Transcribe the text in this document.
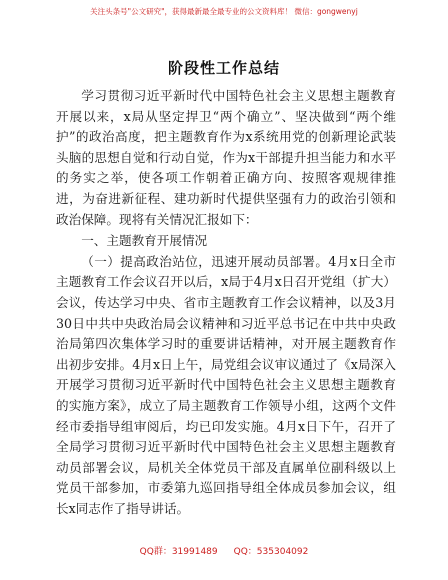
关注头条号"公文研究"，获得最新最全最专业的公文资料库！ 微信：gongwenyj
阶段性工作总结

学习贯彻习近平新时代中国特色社会主义思想主题教育开展以来，x局从坚定捍卫“两个确立”、坚决做到“两个维护”的政治高度，把主题教育作为x系统用党的创新理论武装头脑的思想自觉和行动自觉，作为x干部提升担当能力和水平的务实之举，使各项工作朝着正确方向、按照客观规律推进，为奋进新征程、建功新时代提供坚强有力的政治引领和政治保障。现将有关情况汇报如下：

一、主题教育开展情况

（一）提高政治站位，迅速开展动员部署。4月x日全市主题教育工作会议召开以后，x局于4月x日召开党组（扩大）会议，传达学习中央、省市主题教育工作会议精神，以及3月30日中共中央政治局会议精神和习近平总书记在中共中央政治局第四次集体学习时的重要讲话精神，对开展主题教育作出初步安排。4月x日上午，局党组会议审议通过了《x局深入开展学习贯彻习近平新时代中国特色社会主义思想主题教育的实施方案》，成立了局主题教育工作领导小组，这两个文件经市委指导组审阅后，均已印发实施。4月x日下午，召开了全局学习贯彻习近平新时代中国特色社会主义思想主题教育动员部署会议，局机关全体党员干部及直属单位副科级以上党员干部参加，市委第九巡回指导组全体成员参加会议，组长x同志作了指导讲话。

QQ群：31991489 QQ：535304092
